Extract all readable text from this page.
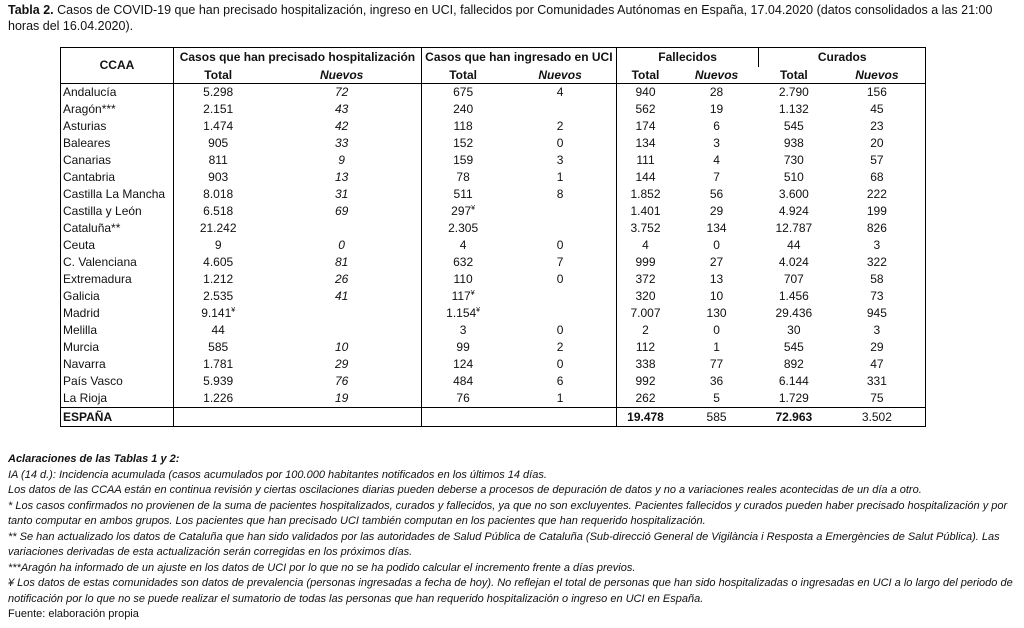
Tabla 2. Casos de COVID-19 que han precisado hospitalización, ingreso en UCI, fallecidos por Comunidades Autónomas en España, 17.04.2020 (datos consolidados a las 21:00 horas del 16.04.2020).
CCAA	Casos que han precisado hospitalización		Casos que han ingresado en UCI		Fallecidos		Curados	
	Total	Nuevos	Total	Nuevos	Total	Nuevos	Total	Nuevos
Andalucía	5.298	72	675	4	940	28	2.790	156
Aragón***	2.151	43	240		562	19	1.132	45
Asturias	1.474	42	118	2	174	6	545	23
Baleares	905	33	152	0	134	3	938	20
Canarias	811	9	159	3	111	4	730	57
Cantabria	903	13	78	1	144	7	510	68
Castilla La Mancha	8.018	31	511	8	1.852	56	3.600	222
Castilla y León	6.518	69	297¥		1.401	29	4.924	199
Cataluña**	21.242		2.305		3.752	134	12.787	826
Ceuta	9	0	4	0	4	0	44	3
C. Valenciana	4.605	81	632	7	999	27	4.024	322
Extremadura	1.212	26	110	0	372	13	707	58
Galicia	2.535	41	117¥		320	10	1.456	73
Madrid	9.141¥		1.154¥		7.007	130	29.436	945
Melilla	44		3	0	2	0	30	3
Murcia	585	10	99	2	112	1	545	29
Navarra	1.781	29	124	0	338	77	892	47
País Vasco	5.939	76	484	6	992	36	6.144	331
La Rioja	1.226	19	76	1	262	5	1.729	75
ESPAÑA					19.478	585	72.963	3.502
Aclaraciones de las Tablas 1 y 2:
IA (14 d.): Incidencia acumulada (casos acumulados por 100.000 habitantes notificados en los últimos 14 días.
Los datos de las CCAA están en continua revisión y ciertas oscilaciones diarias pueden deberse a procesos de depuración de datos y no a variaciones reales acontecidas de un día a otro.
* Los casos confirmados no provienen de la suma de pacientes hospitalizados, curados y fallecidos, ya que no son excluyentes. Pacientes fallecidos y curados pueden haber precisado hospitalización y por tanto computar en ambos grupos. Los pacientes que han precisado UCI también computan en los pacientes que han requerido hospitalización.
** Se han actualizado los datos de Cataluña que han sido validados por las autoridades de Salud Pública de Cataluña (Sub-direcció General de Vigilància i Resposta a Emergències de Salut Pública). Las variaciones derivadas de esta actualización serán corregidas en los próximos días.
***Aragón ha informado de un ajuste en los datos de UCI por lo que no se ha podido calcular el incremento frente a días previos.
¥ Los datos de estas comunidades son datos de prevalencia (personas ingresadas a fecha de hoy). No reflejan el total de personas que han sido hospitalizadas o ingresadas en UCI a lo largo del periodo de notificación por lo que no se puede realizar el sumatorio de todas las personas que han requerido hospitalización o ingreso en UCI en España.
Fuente: elaboración propia
